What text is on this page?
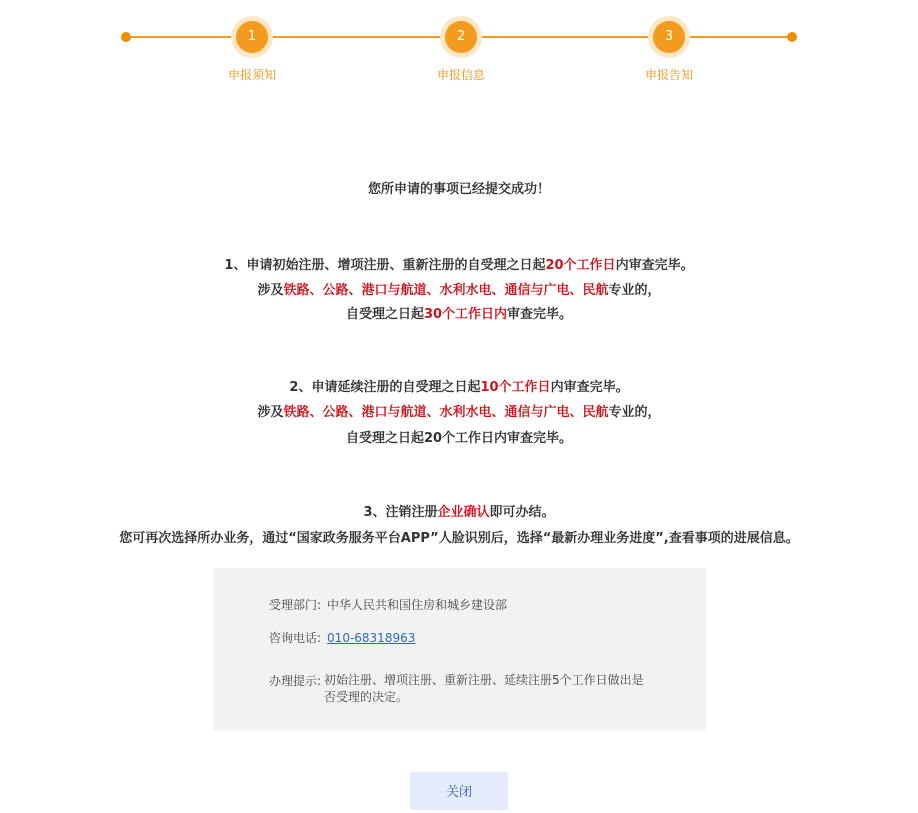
1
申报须知
2
申报信息
3
申报告知
您所申请的事项已经提交成功！
1、申请初始注册、增项注册、重新注册的自受理之日起20个工作日内审查完毕。
涉及铁路、公路、港口与航道、水利水电、通信与广电、民航专业的，
自受理之日起30个工作日内审查完毕。
2、申请延续注册的自受理之日起10个工作日内审查完毕。
涉及铁路、公路、港口与航道、水利水电、通信与广电、民航专业的，
自受理之日起20个工作日内审查完毕。
3、注销注册企业确认即可办结。
您可再次选择所办业务，通过“国家政务服务平台APP”人脸识别后，选择“最新办理业务进度”,查看事项的进展信息。
受理部门: 中华人民共和国住房和城乡建设部
咨询电话: 010-68318963
办理提示: 初始注册、增项注册、重新注册、延续注册5个工作日做出是否受理的决定。
关闭
